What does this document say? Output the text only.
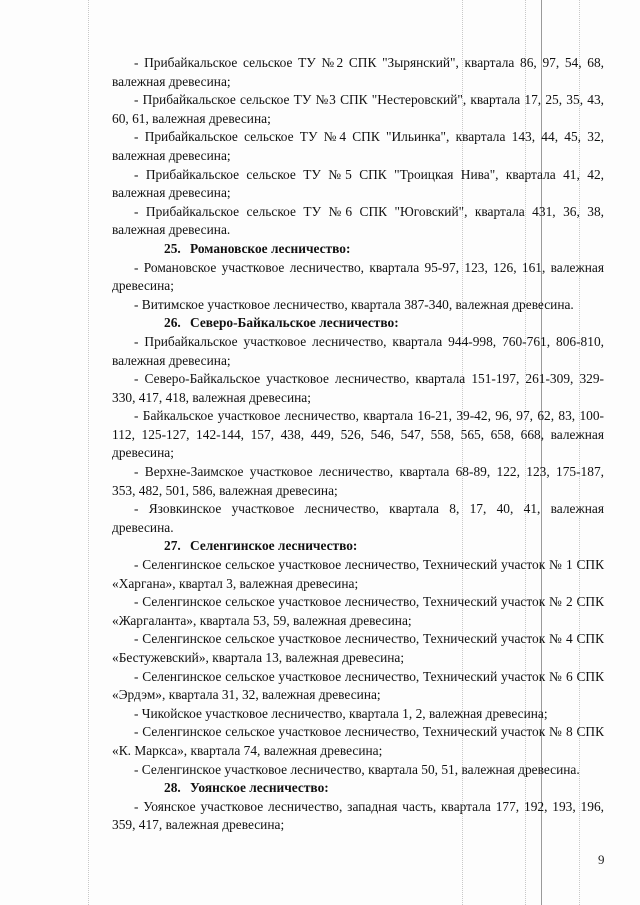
- Прибайкальское сельское ТУ №2 СПК "Зырянский", квартала 86, 97, 54, 68, валежная древесина;

- Прибайкальское сельское ТУ №3 СПК "Нестеровский", квартала 17, 25, 35, 43, 60, 61, валежная древесина;

- Прибайкальское сельское ТУ №4 СПК "Ильинка", квартала 143, 44, 45, 32, валежная древесина;

- Прибайкальское сельское ТУ №5 СПК "Троицкая Нива", квартала 41, 42, валежная древесина;

- Прибайкальское сельское ТУ №6 СПК "Юговский", квартала 431, 36, 38, валежная древесина.

25. Романовское лесничество:

- Романовское участковое лесничество, квартала 95-97, 123, 126, 161, валежная древесина;

- Витимское участковое лесничество, квартала 387-340, валежная древесина.

26. Северо-Байкальское лесничество:

- Прибайкальское участковое лесничество, квартала 944-998, 760-761, 806-810, валежная древесина;

- Северо-Байкальское участковое лесничество, квартала 151-197, 261-309, 329-330, 417, 418, валежная древесина;

- Байкальское участковое лесничество, квартала 16-21, 39-42, 96, 97, 62, 83, 100-112, 125-127, 142-144, 157, 438, 449, 526, 546, 547, 558, 565, 658, 668, валежная древесина;

- Верхне-Заимское участковое лесничество, квартала 68-89, 122, 123, 175-187, 353, 482, 501, 586, валежная древесина;

- Язовкинское участковое лесничество, квартала 8, 17, 40, 41, валежная древесина.

27. Селенгинское лесничество:

- Селенгинское сельское участковое лесничество, Технический участок № 1 СПК «Харгана», квартал 3, валежная древесина;

- Селенгинское сельское участковое лесничество, Технический участок № 2 СПК «Жаргаланта», квартала 53, 59, валежная древесина;

- Селенгинское сельское участковое лесничество, Технический участок № 4 СПК «Бестужевский», квартала 13, валежная древесина;

- Селенгинское сельское участковое лесничество, Технический участок № 6 СПК «Эрдэм», квартала 31, 32, валежная древесина;

- Чикойское участковое лесничество, квартала 1, 2, валежная древесина;

- Селенгинское сельское участковое лесничество, Технический участок № 8 СПК «К. Маркса», квартала 74, валежная древесина;

- Селенгинское участковое лесничество, квартала 50, 51, валежная древесина.

28. Уоянское лесничество:

- Уоянское участковое лесничество, западная часть, квартала 177, 192, 193, 196, 359, 417, валежная древесина;

9
